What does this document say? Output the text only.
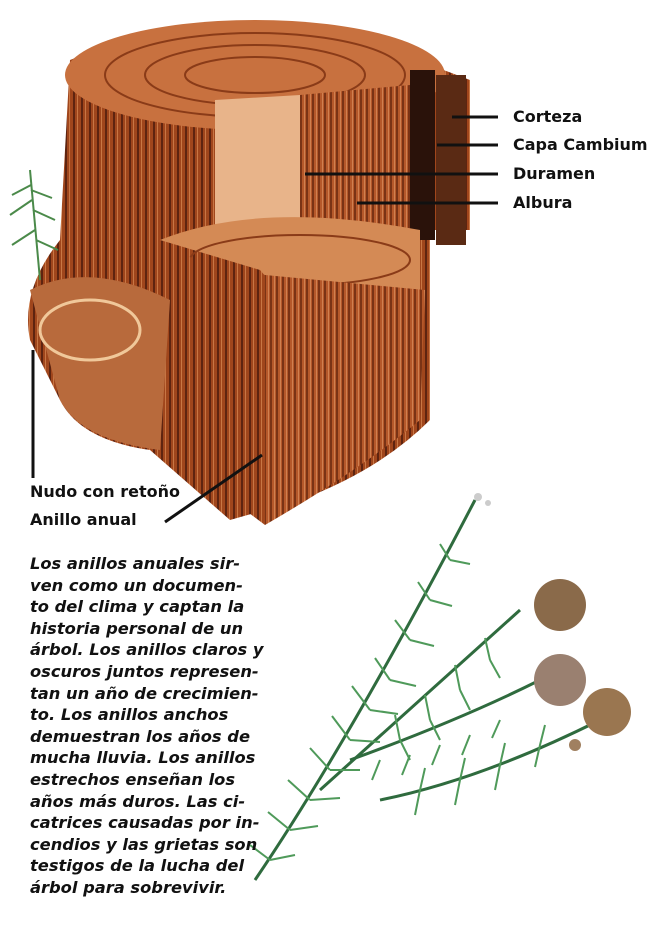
Corteza
Capa Cambium
Duramen
Albura
Nudo con retoño
Anillo anual
Los anillos anuales sir-
ven como un documen-
to del clima y captan la
historia personal de un
árbol. Los anillos claros y
oscuros juntos represen-
tan un año de crecimien-
to. Los anillos anchos
demuestran los años de
mucha lluvia. Los anillos
estrechos enseñan los
años más duros. Las ci-
catrices causadas por in-
cendios y las grietas son
testigos de la lucha del
árbol para sobrevivir.
